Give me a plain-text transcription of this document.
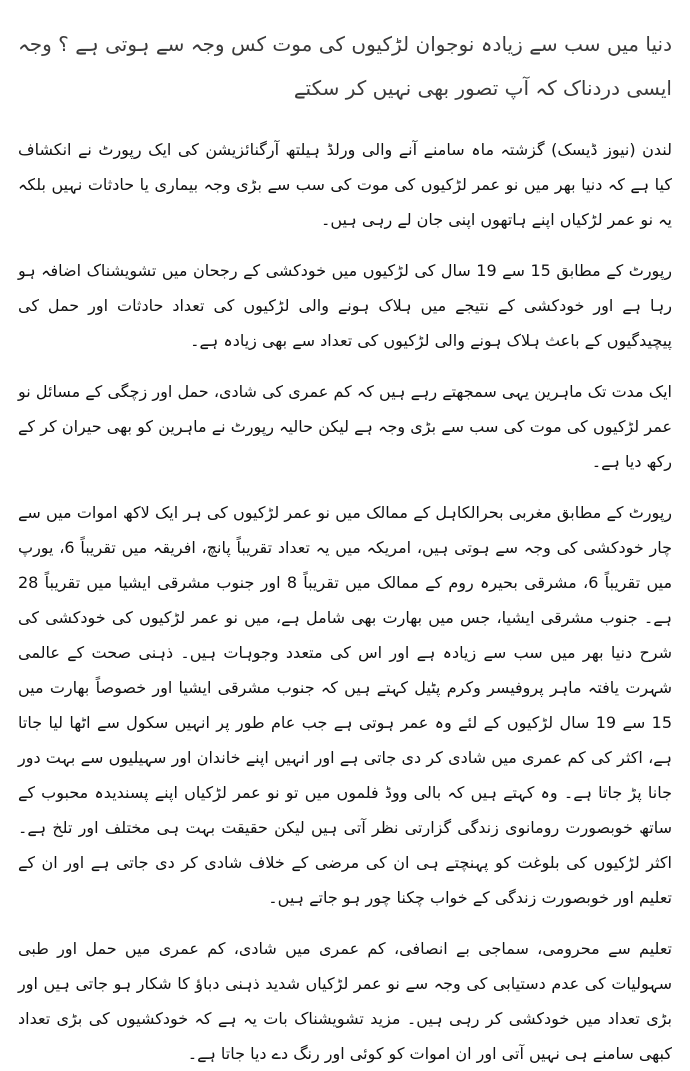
دنیا میں سب سے زیادہ نوجوان لڑکیوں کی موت کس وجہ سے ہوتی ہے ؟ وجہ ایسی دردناک کہ آپ تصور بھی نہیں کر سکتے

لندن (نیوز ڈیسک) گزشتہ ماہ سامنے آنے والی ورلڈ ہیلتھ آرگنائزیشن کی ایک رپورٹ نے انکشاف کیا ہے کہ دنیا بھر میں نو عمر لڑکیوں کی موت کی سب سے بڑی وجہ بیماری یا حادثات نہیں بلکہ یہ نو عمر لڑکیاں اپنے ہاتھوں اپنی جان لے رہی ہیں۔

رپورٹ کے مطابق 15 سے 19 سال کی لڑکیوں میں خودکشی کے رجحان میں تشویشناک اضافہ ہو رہا ہے اور خودکشی کے نتیجے میں ہلاک ہونے والی لڑکیوں کی تعداد حادثات اور حمل کی پیچیدگیوں کے باعث ہلاک ہونے والی لڑکیوں کی تعداد سے بھی زیادہ ہے۔

ایک مدت تک ماہرین یہی سمجھتے رہے ہیں کہ کم عمری کی شادی، حمل اور زچگی کے مسائل نو عمر لڑکیوں کی موت کی سب سے بڑی وجہ ہے لیکن حالیہ رپورٹ نے ماہرین کو بھی حیران کر کے رکھ دیا ہے۔

رپورٹ کے مطابق مغربی بحرالکاہل کے ممالک میں نو عمر لڑکیوں کی ہر ایک لاکھ اموات میں سے چار خودکشی کی وجہ سے ہوتی ہیں، امریکہ میں یہ تعداد تقریباً پانچ، افریقہ میں تقریباً 6، یورپ میں تقریباً 6، مشرقی بحیرہ روم کے ممالک میں تقریباً 8 اور جنوب مشرقی ایشیا میں تقریباً 28 ہے۔ جنوب مشرقی ایشیا، جس میں بھارت بھی شامل ہے، میں نو عمر لڑکیوں کی خودکشی کی شرح دنیا بھر میں سب سے زیادہ ہے اور اس کی متعدد وجوہات ہیں۔ ذہنی صحت کے عالمی شہرت یافتہ ماہر پروفیسر وکرم پٹیل کہتے ہیں کہ جنوب مشرقی ایشیا اور خصوصاً بھارت میں 15 سے 19 سال لڑکیوں کے لئے وہ عمر ہوتی ہے جب عام طور پر انہیں سکول سے اٹھا لیا جاتا ہے، اکثر کی کم عمری میں شادی کر دی جاتی ہے اور انہیں اپنے خاندان اور سہیلیوں سے بہت دور جانا پڑ جاتا ہے۔ وہ کہتے ہیں کہ بالی ووڈ فلموں میں تو نو عمر لڑکیاں اپنے پسندیدہ محبوب کے ساتھ خوبصورت رومانوی زندگی گزارتی نظر آتی ہیں لیکن حقیقت بہت ہی مختلف اور تلخ ہے۔ اکثر لڑکیوں کی بلوغت کو پہنچتے ہی ان کی مرضی کے خلاف شادی کر دی جاتی ہے اور ان کے تعلیم اور خوبصورت زندگی کے خواب چکنا چور ہو جاتے ہیں۔

تعلیم سے محرومی، سماجی بے انصافی، کم عمری میں شادی، کم عمری میں حمل اور طبی سہولیات کی عدم دستیابی کی وجہ سے نو عمر لڑکیاں شدید ذہنی دباؤ کا شکار ہو جاتی ہیں اور بڑی تعداد میں خودکشی کر رہی ہیں۔ مزید تشویشناک بات یہ ہے کہ خودکشیوں کی بڑی تعداد کبھی سامنے ہی نہیں آتی اور ان اموات کو کوئی اور رنگ دے دیا جاتا ہے۔
